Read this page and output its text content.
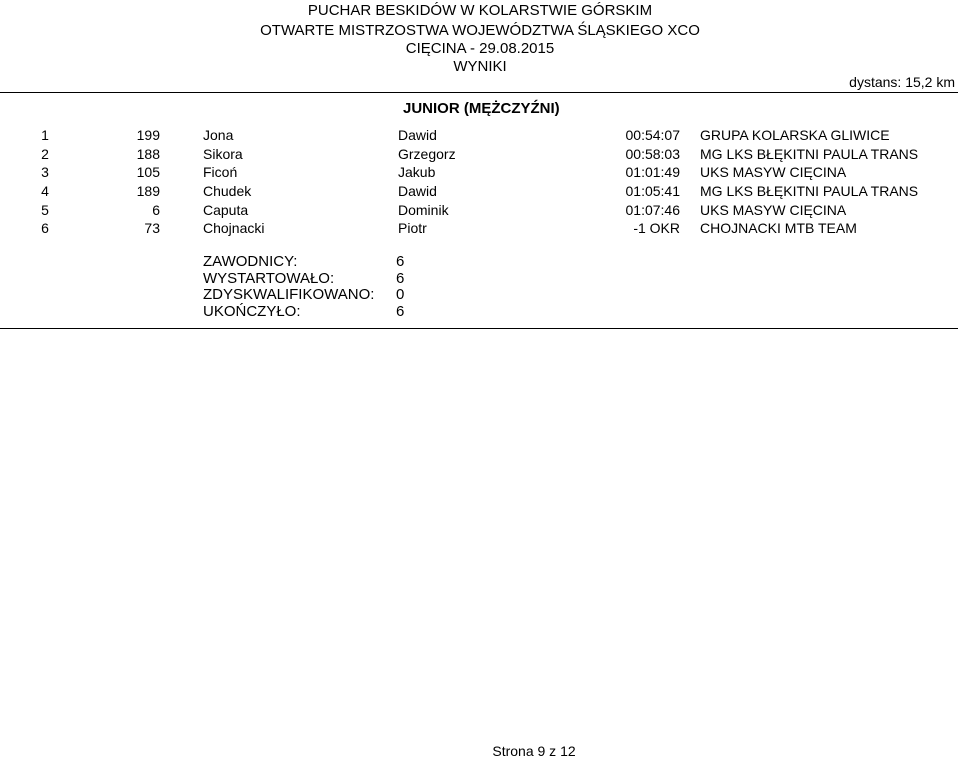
PUCHAR BESKIDÓW W KOLARSTWIE GÓRSKIM
OTWARTE MISTRZOSTWA WOJEWÓDZTWA ŚLĄSKIEGO XCO
CIĘCINA - 29.08.2015
WYNIKI
dystans: 15,2 km
JUNIOR (MĘŻCZYŹNI)
1	199	Jona	Dawid	00:54:07	GRUPA KOLARSKA GLIWICE
2	188	Sikora	Grzegorz	00:58:03	MG LKS BŁĘKITNI PAULA TRANS
3	105	Ficoń	Jakub	01:01:49	UKS MASYW CIĘCINA
4	189	Chudek	Dawid	01:05:41	MG LKS BŁĘKITNI PAULA TRANS
5	6	Caputa	Dominik	01:07:46	UKS MASYW CIĘCINA
6	73	Chojnacki	Piotr	-1 OKR	CHOJNACKI MTB TEAM
ZAWODNICY:	6
WYSTARTOWAŁO:	6
ZDYSKWALIFIKOWANO:	0
UKOŃCZYŁO:	6
Strona 9 z 12
